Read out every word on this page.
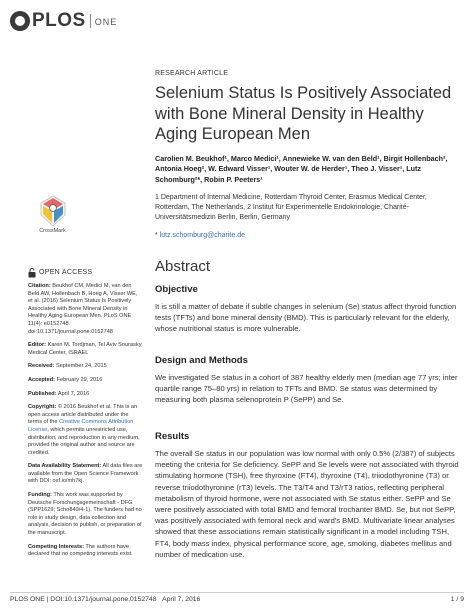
PLOS ONE
RESEARCH ARTICLE
Selenium Status Is Positively Associated with Bone Mineral Density in Healthy Aging European Men
Carolien M. Beukhof¹, Marco Medici¹, Annewieke W. van den Beld¹, Birgit Hollenbach², Antonia Hoeg², W. Edward Visser¹, Wouter W. de Herder¹, Theo J. Visser¹, Lutz Schomburg²*, Robin P. Peeters¹
1 Department of Internal Medicine, Rotterdam Thyroid Center, Erasmus Medical Center, Rotterdam, The Netherlands, 2 Institut für Experimentelle Endokrinologie, Charité-Universitätsmedizin Berlin, Berlin, Germany
* lutz.schomburg@charite.de
Abstract
Objective

It is still a matter of debate if subtle changes in selenium (Se) status affect thyroid function tests (TFTs) and bone mineral density (BMD). This is particularly relevant for the elderly, whose nutritional status is more vulnerable.

Design and Methods

We investigated Se status in a cohort of 387 healthy elderly men (median age 77 yrs; inter quartile range 75–80 yrs) in relation to TFTs and BMD. Se status was determined by measuring both plasma selenoprotein P (SePP) and Se.

Results

The overall Se status in our population was low normal with only 0.5% (2/387) of subjects meeting the criteria for Se deficiency. SePP and Se levels were not associated with thyroid stimulating hormone (TSH), free thyroxine (FT4), thyroxine (T4), triiodothyronine (T3) or reverse triiodothyronine (rT3) levels. The T3/T4 and T3/rT3 ratios, reflecting peripheral metabolism of thyroid hormone, were not associated with Se status either. SePP and Se were positively associated with total BMD and femoral trochanter BMD. Se, but not SePP, was positively associated with femoral neck and ward's BMD. Multivariate linear analyses showed that these associations remain statistically significant in a model including TSH, FT4, body mass index, physical performance score, age, smoking, diabetes mellitus and number of medication use.

CrossMark
OPEN ACCESS

Citation: Beukhof CM, Medici M, van den Beld AW, Hollenbach B, Hoeg A, Visser WE, et al. (2016) Selenium Status Is Positively Associated with Bone Mineral Density in Healthy Aging European Men. PLoS ONE 11(4): e0152748. doi:10.1371/journal.pone.0152748

Editor: Karen M. Tordjman, Tel Aviv Sourasky Medical Center, ISRAEL

Received: September 24, 2015

Accepted: February 29, 2016

Published: April 7, 2016

Copyright: © 2016 Beukhof et al. This is an open access article distributed under the terms of the Creative Commons Attribution License, which permits unrestricted use, distribution, and reproduction in any medium, provided the original author and source are credited.

Data Availability Statement: All data files are available from the Open Science Framework with DOI: osf.io/mh7kj.

Funding: This work was supported by Deutsche Forschungsgemeinschaft - DFG (SPP1629; Scho849/4-1). The funders had no role in study design, data collection and analysis, decision to publish, or preparation of the manuscript.

Competing Interests: The authors have declared that no competing interests exist.

PLOS ONE | DOI:10.1371/journal.pone.0152748 April 7, 2016	1 / 9
